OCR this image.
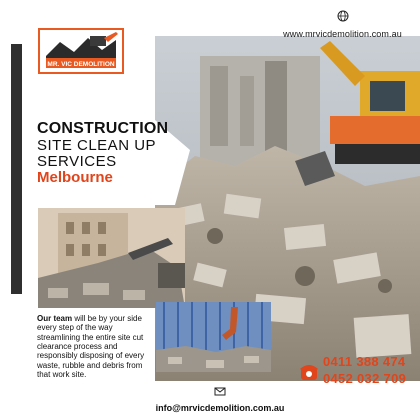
www.mrvicdemolition.com.au
MR. VIC DEMOLITION
CONSTRUCTION
SITE CLEAN UP
SERVICES
Melbourne
Our team will be by your side every step of the way streamlining the entire site cut clearance process and responsibly disposing of every waste, rubble and debris from that work site.
info@mrvicdemolition.com.au
0411 388 474
0452 032 709
